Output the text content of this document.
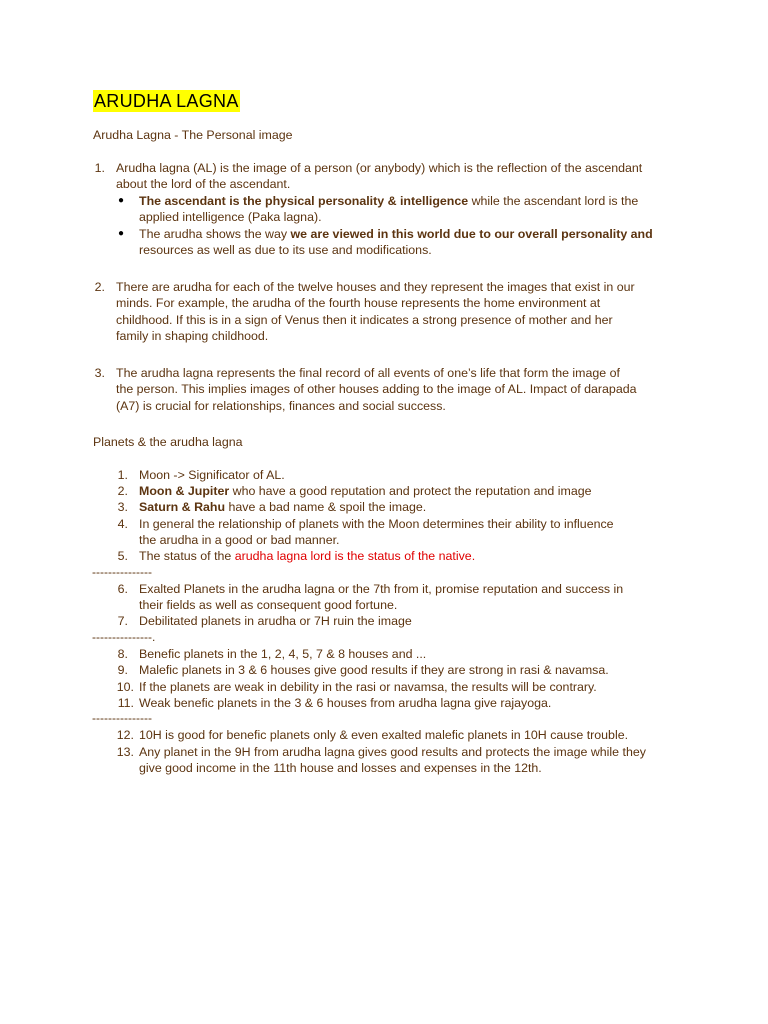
ARUDHA LAGNA
Arudha Lagna - The Personal image
1. Arudha lagna (AL) is the image of a person (or anybody) which is the reflection of the ascendant
about the lord of the ascendant.
● The ascendant is the physical personality & intelligence while the ascendant lord is the
applied intelligence (Paka lagna).
● The arudha shows the way we are viewed in this world due to our overall personality and
resources as well as due to its use and modifications.
2. There are arudha for each of the twelve houses and they represent the images that exist in our
minds. For example, the arudha of the fourth house represents the home environment at
childhood. If this is in a sign of Venus then it indicates a strong presence of mother and her
family in shaping childhood.
3. The arudha lagna represents the final record of all events of one’s life that form the image of
the person. This implies images of other houses adding to the image of AL. Impact of darapada
(A7) is crucial for relationships, finances and social success.
Planets & the arudha lagna
1. Moon -> Significator of AL.
2. Moon & Jupiter who have a good reputation and protect the reputation and image
3. Saturn & Rahu have a bad name & spoil the image.
4. In general the relationship of planets with the Moon determines their ability to influence
the arudha in a good or bad manner.
5. The status of the arudha lagna lord is the status of the native.
---------------
6. Exalted Planets in the arudha lagna or the 7th from it, promise reputation and success in
their fields as well as consequent good fortune.
7. Debilitated planets in arudha or 7H ruin the image
---------------.
8. Benefic planets in the 1, 2, 4, 5, 7 & 8 houses and ...
9. Malefic planets in 3 & 6 houses give good results if they are strong in rasi & navamsa.
10. If the planets are weak in debility in the rasi or navamsa, the results will be contrary.
11. Weak benefic planets in the 3 & 6 houses from arudha lagna give rajayoga.
---------------
12. 10H is good for benefic planets only & even exalted malefic planets in 10H cause trouble.
13. Any planet in the 9H from arudha lagna gives good results and protects the image while they
give good income in the 11th house and losses and expenses in the 12th.
